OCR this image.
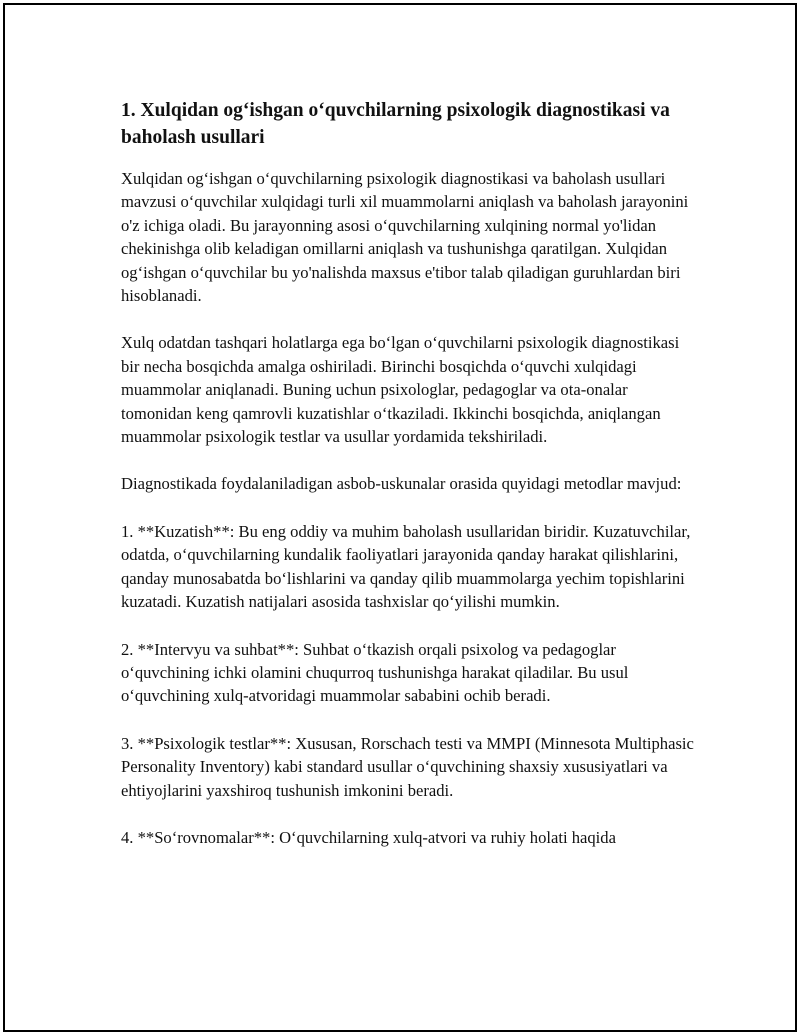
1. Xulqidan og‘ishgan o‘quvchilarning psixologik diagnostikasi va baholash usullari

Xulqidan og‘ishgan o‘quvchilarning psixologik diagnostikasi va baholash usullari mavzusi o‘quvchilar xulqidagi turli xil muammolarni aniqlash va baholash jarayonini o'z ichiga oladi. Bu jarayonning asosi o‘quvchilarning xulqining normal yo'lidan chekinishga olib keladigan omillarni aniqlash va tushunishga qaratilgan. Xulqidan og‘ishgan o‘quvchilar bu yo'nalishda maxsus e'tibor talab qiladigan guruhlardan biri hisoblanadi.

Xulq odatdan tashqari holatlarga ega bo‘lgan o‘quvchilarni psixologik diagnostikasi bir necha bosqichda amalga oshiriladi. Birinchi bosqichda o‘quvchi xulqidagi muammolar aniqlanadi. Buning uchun psixologlar, pedagoglar va ota-onalar tomonidan keng qamrovli kuzatishlar o‘tkaziladi. Ikkinchi bosqichda, aniqlangan muammolar psixologik testlar va usullar yordamida tekshiriladi.

Diagnostikada foydalaniladigan asbob-uskunalar orasida quyidagi metodlar mavjud:

1. **Kuzatish**: Bu eng oddiy va muhim baholash usullaridan biridir. Kuzatuvchilar, odatda, o‘quvchilarning kundalik faoliyatlari jarayonida qanday harakat qilishlarini, qanday munosabatda bo‘lishlarini va qanday qilib muammolarga yechim topishlarini kuzatadi. Kuzatish natijalari asosida tashxislar qo‘yilishi mumkin.

2. **Intervyu va suhbat**: Suhbat o‘tkazish orqali psixolog va pedagoglar o‘quvchining ichki olamini chuqurroq tushunishga harakat qiladilar. Bu usul o‘quvchining xulq-atvoridagi muammolar sababini ochib beradi.

3. **Psixologik testlar**: Xususan, Rorschach testi va MMPI (Minnesota Multiphasic Personality Inventory) kabi standard usullar o‘quvchining shaxsiy xususiyatlari va ehtiyojlarini yaxshiroq tushunish imkonini beradi.

4. **So‘rovnomalar**: O‘quvchilarning xulq-atvori va ruhiy holati haqida
